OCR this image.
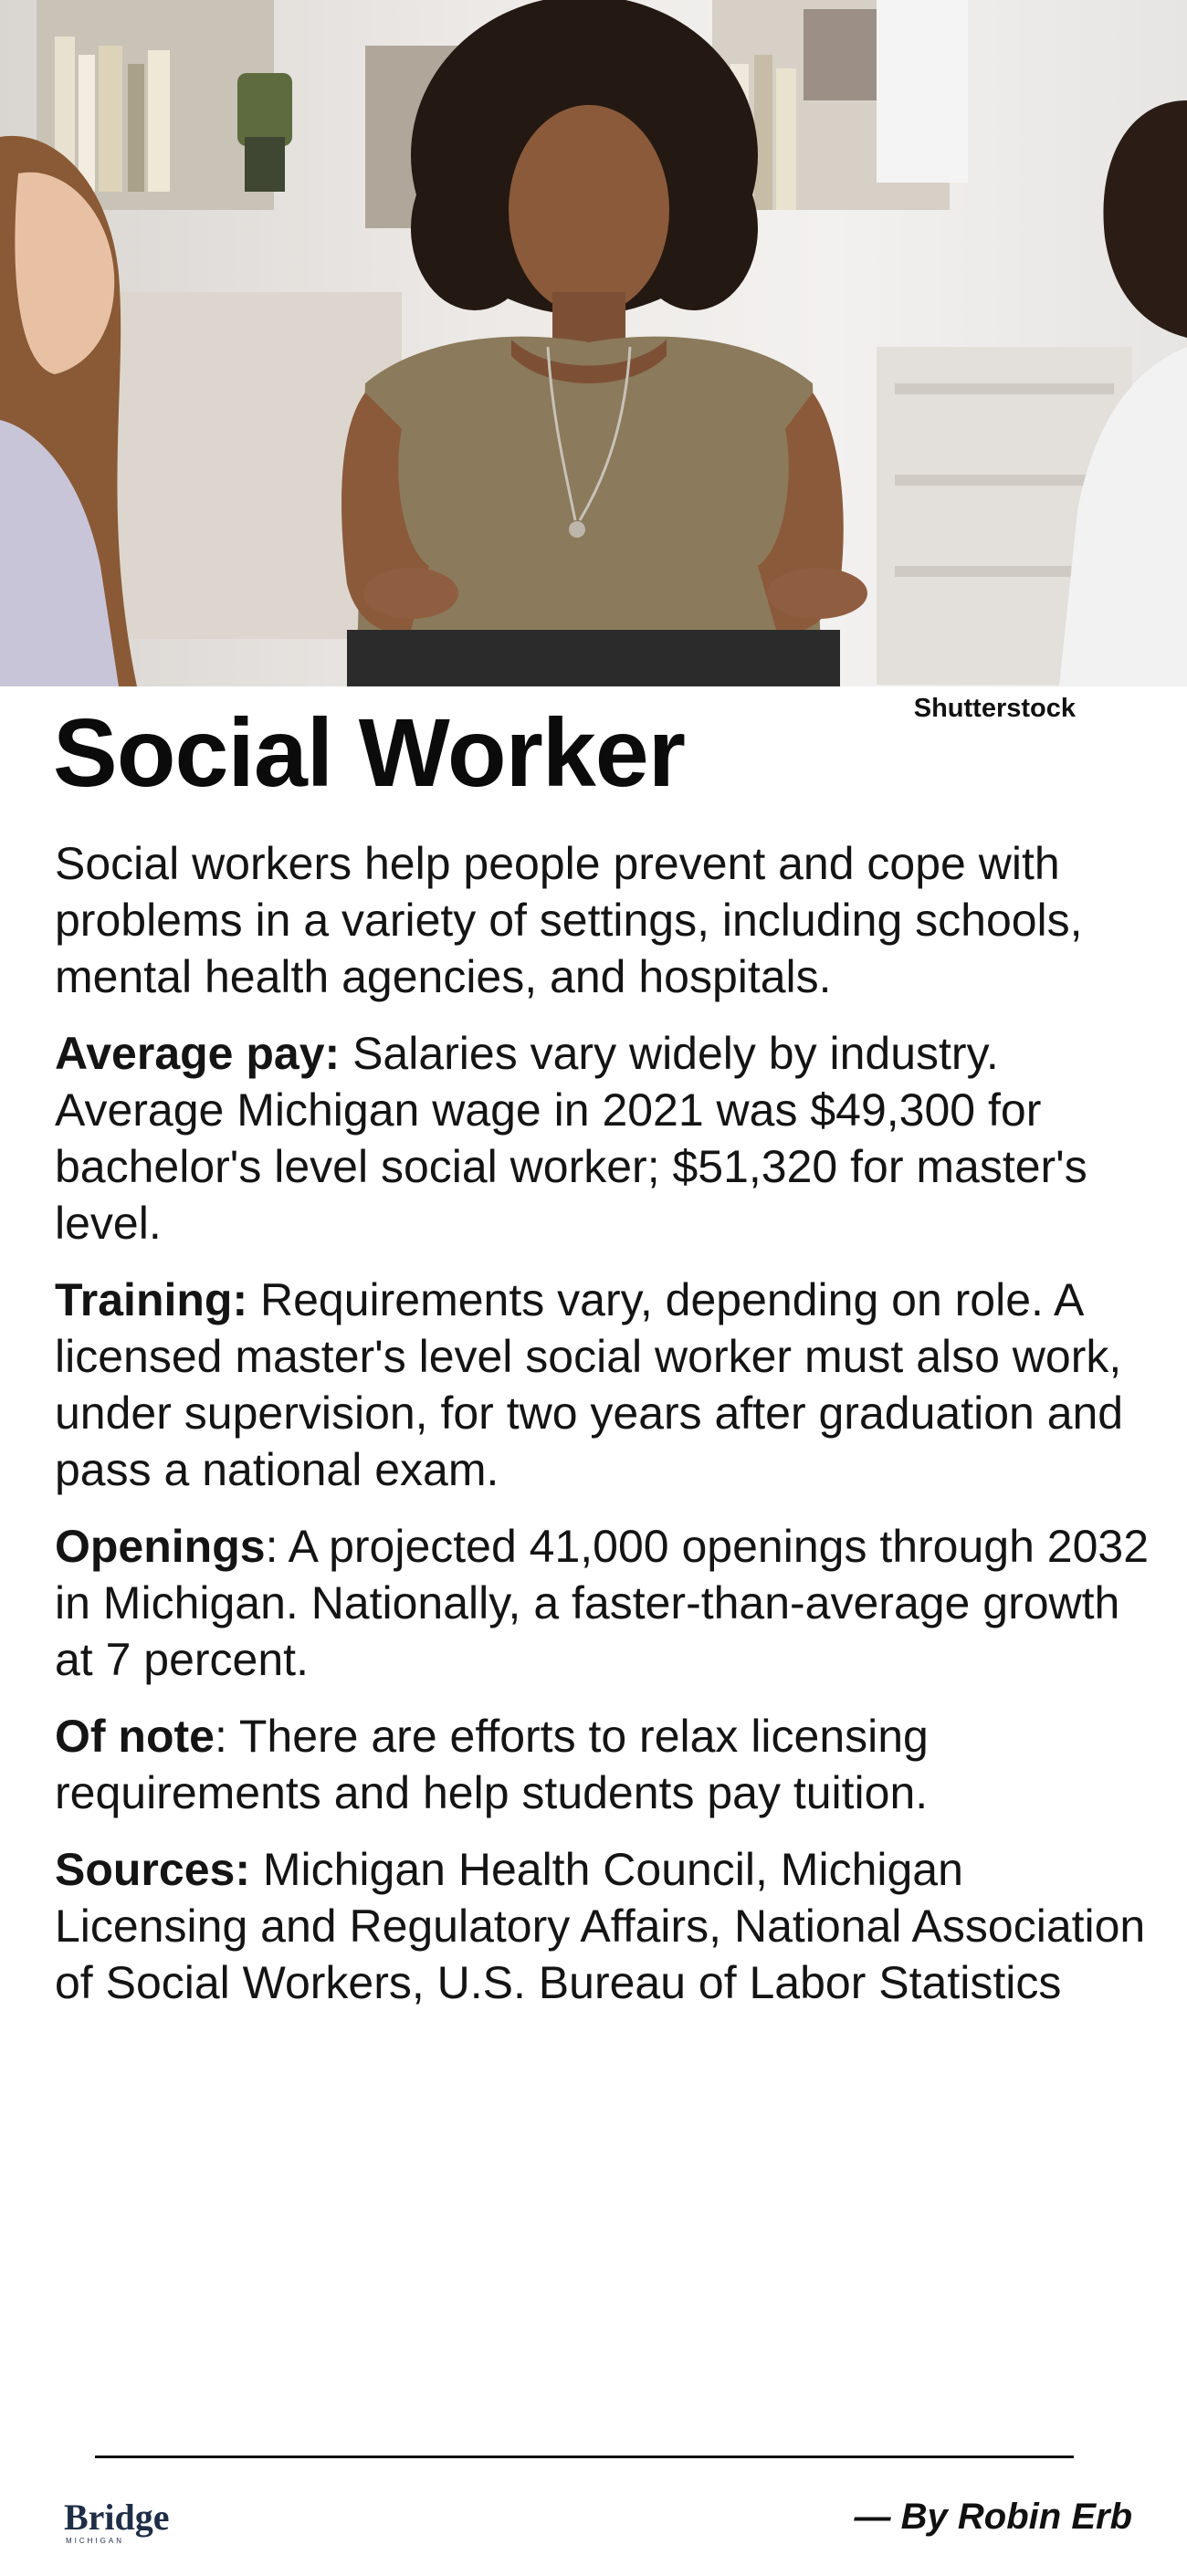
Shutterstock
Social Worker

Social workers help people prevent and cope with problems in a variety of settings, including schools, mental health agencies, and hospitals.

Average pay: Salaries vary widely by industry. Average Michigan wage in 2021 was $49,300 for bachelor's level social worker; $51,320 for master's level.

Training: Requirements vary, depending on role. A licensed master's level social worker must also work, under supervision, for two years after graduation and pass a national exam.

Openings: A projected 41,000 openings through 2032 in Michigan. Nationally, a faster-than-average growth at 7 percent.

Of note: There are efforts to relax licensing requirements and help students pay tuition.

Sources: Michigan Health Council, Michigan Licensing and Regulatory Affairs, National Association of Social Workers, U.S. Bureau of Labor Statistics

Bridge
MICHIGAN
— By Robin Erb
